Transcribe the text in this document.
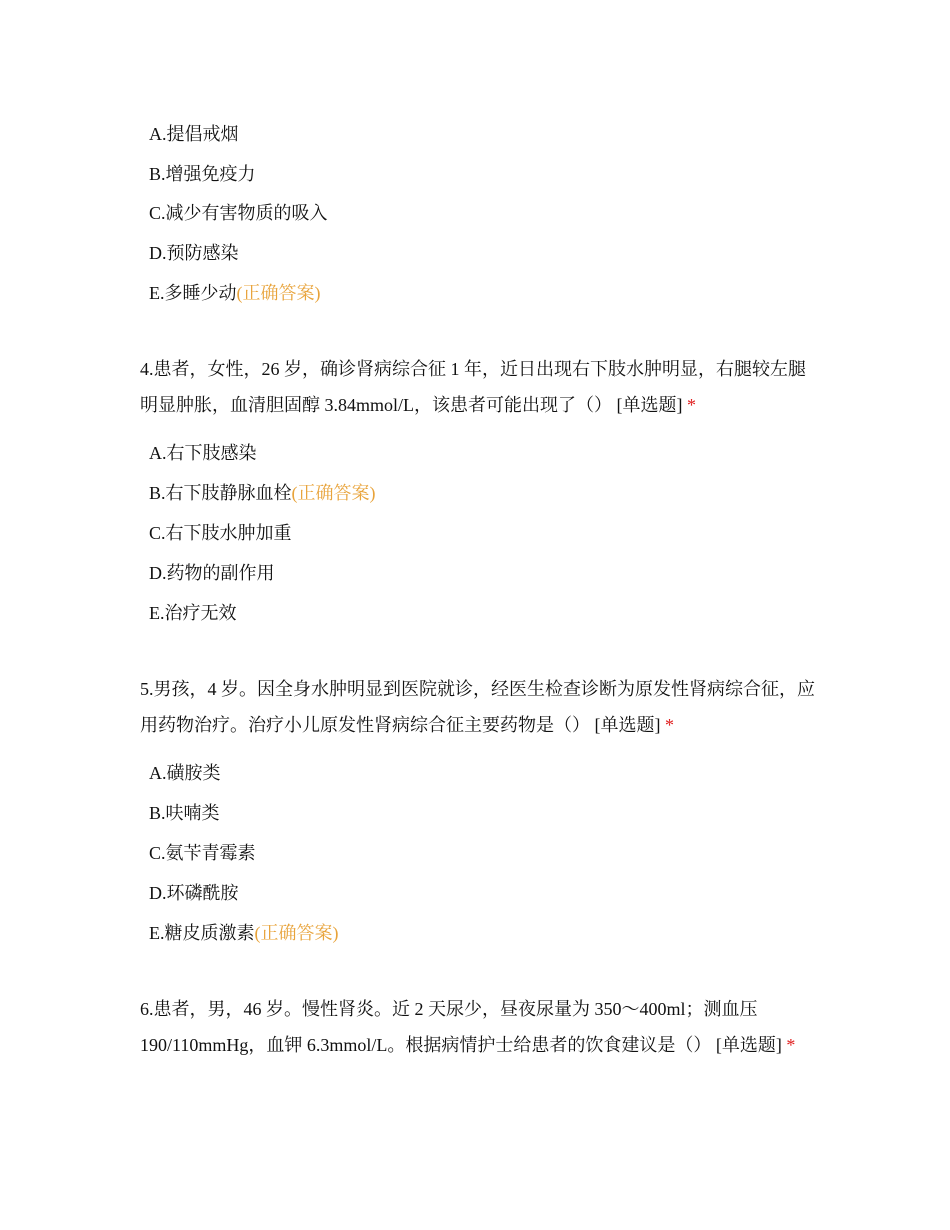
A.提倡戒烟
B.增强免疫力
C.减少有害物质的吸入
D.预防感染
E.多睡少动(正确答案)
4.患者，女性，26 岁，确诊肾病综合征 1 年，近日出现右下肢水肿明显，右腿较左腿明显肿胀，血清胆固醇 3.84mmol/L，该患者可能出现了（） [单选题] *
A.右下肢感染
B.右下肢静脉血栓(正确答案)
C.右下肢水肿加重
D.药物的副作用
E.治疗无效
5.男孩，4 岁。因全身水肿明显到医院就诊，经医生检查诊断为原发性肾病综合征，应用药物治疗。治疗小儿原发性肾病综合征主要药物是（） [单选题] *
A.磺胺类
B.呋喃类
C.氨苄青霉素
D.环磷酰胺
E.糖皮质激素(正确答案)
6.患者，男，46 岁。慢性肾炎。近 2 天尿少，昼夜尿量为 350～400ml；测血压 190/110mmHg，血钾 6.3mmol/L。根据病情护士给患者的饮食建议是（） [单选题] *
